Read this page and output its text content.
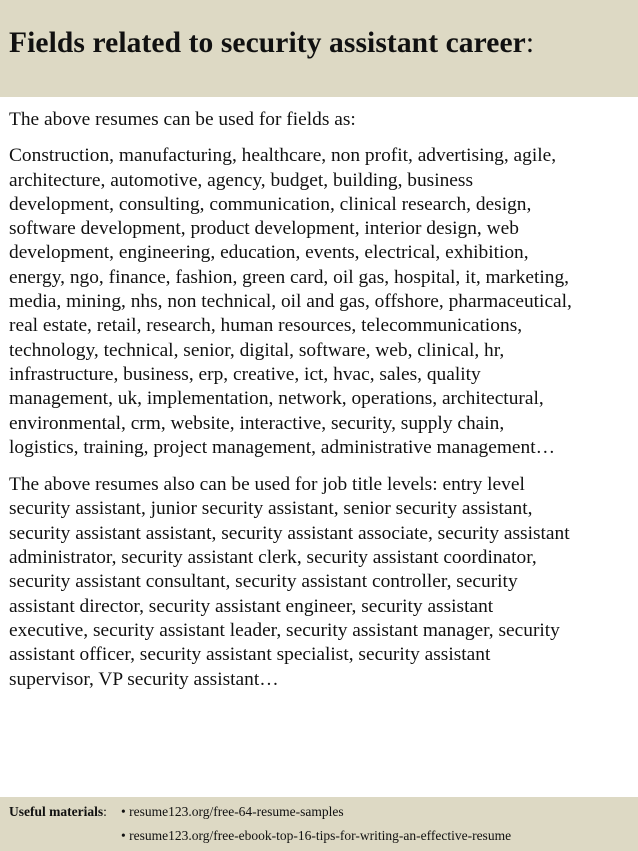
Fields related to security assistant career:

The above resumes can be used for fields as:

Construction, manufacturing, healthcare, non profit, advertising, agile,
architecture, automotive, agency, budget, building, business
development, consulting, communication, clinical research, design,
software development, product development, interior design, web
development, engineering, education, events, electrical, exhibition,
energy, ngo, finance, fashion, green card, oil gas, hospital, it, marketing,
media, mining, nhs, non technical, oil and gas, offshore, pharmaceutical,
real estate, retail, research, human resources, telecommunications,
technology, technical, senior, digital, software, web, clinical, hr,
infrastructure, business, erp, creative, ict, hvac, sales, quality
management, uk, implementation, network, operations, architectural,
environmental, crm, website, interactive, security, supply chain,
logistics, training, project management, administrative management…

The above resumes also can be used for job title levels: entry level
security assistant, junior security assistant, senior security assistant,
security assistant assistant, security assistant associate, security assistant
administrator, security assistant clerk, security assistant coordinator,
security assistant consultant, security assistant controller, security
assistant director, security assistant engineer, security assistant
executive, security assistant leader, security assistant manager, security
assistant officer, security assistant specialist, security assistant
supervisor, VP security assistant…

Useful materials: • resume123.org/free-64-resume-samples
• resume123.org/free-ebook-top-16-tips-for-writing-an-effective-resume
